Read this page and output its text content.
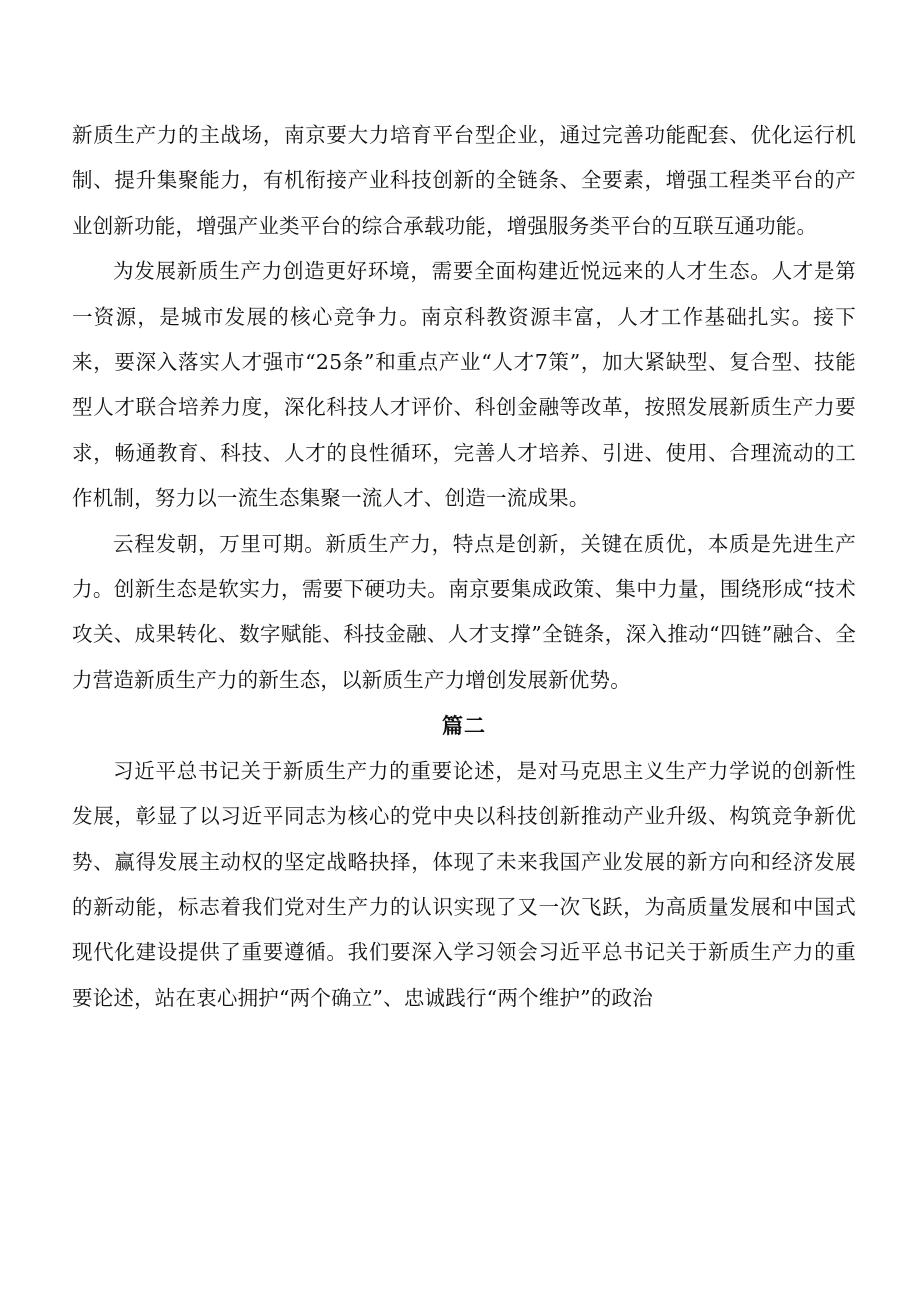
新质生产力的主战场，南京要大力培育平台型企业，通过完善功能配套、优化运行机制、提升集聚能力，有机衔接产业科技创新的全链条、全要素，增强工程类平台的产业创新功能，增强产业类平台的综合承载功能，增强服务类平台的互联互通功能。

为发展新质生产力创造更好环境，需要全面构建近悦远来的人才生态。人才是第一资源，是城市发展的核心竞争力。南京科教资源丰富，人才工作基础扎实。接下来，要深入落实人才强市“25条”和重点产业“人才7策”，加大紧缺型、复合型、技能型人才联合培养力度，深化科技人才评价、科创金融等改革，按照发展新质生产力要求，畅通教育、科技、人才的良性循环，完善人才培养、引进、使用、合理流动的工作机制，努力以一流生态集聚一流人才、创造一流成果。

云程发朝，万里可期。新质生产力，特点是创新，关键在质优，本质是先进生产力。创新生态是软实力，需要下硬功夫。南京要集成政策、集中力量，围绕形成“技术攻关、成果转化、数字赋能、科技金融、人才支撑”全链条，深入推动“四链”融合、全力营造新质生产力的新生态，以新质生产力增创发展新优势。

篇二

习近平总书记关于新质生产力的重要论述，是对马克思主义生产力学说的创新性发展，彰显了以习近平同志为核心的党中央以科技创新推动产业升级、构筑竞争新优势、赢得发展主动权的坚定战略抉择，体现了未来我国产业发展的新方向和经济发展的新动能，标志着我们党对生产力的认识实现了又一次飞跃，为高质量发展和中国式现代化建设提供了重要遵循。我们要深入学习领会习近平总书记关于新质生产力的重要论述，站在衷心拥护“两个确立”、忠诚践行“两个维护”的政治
